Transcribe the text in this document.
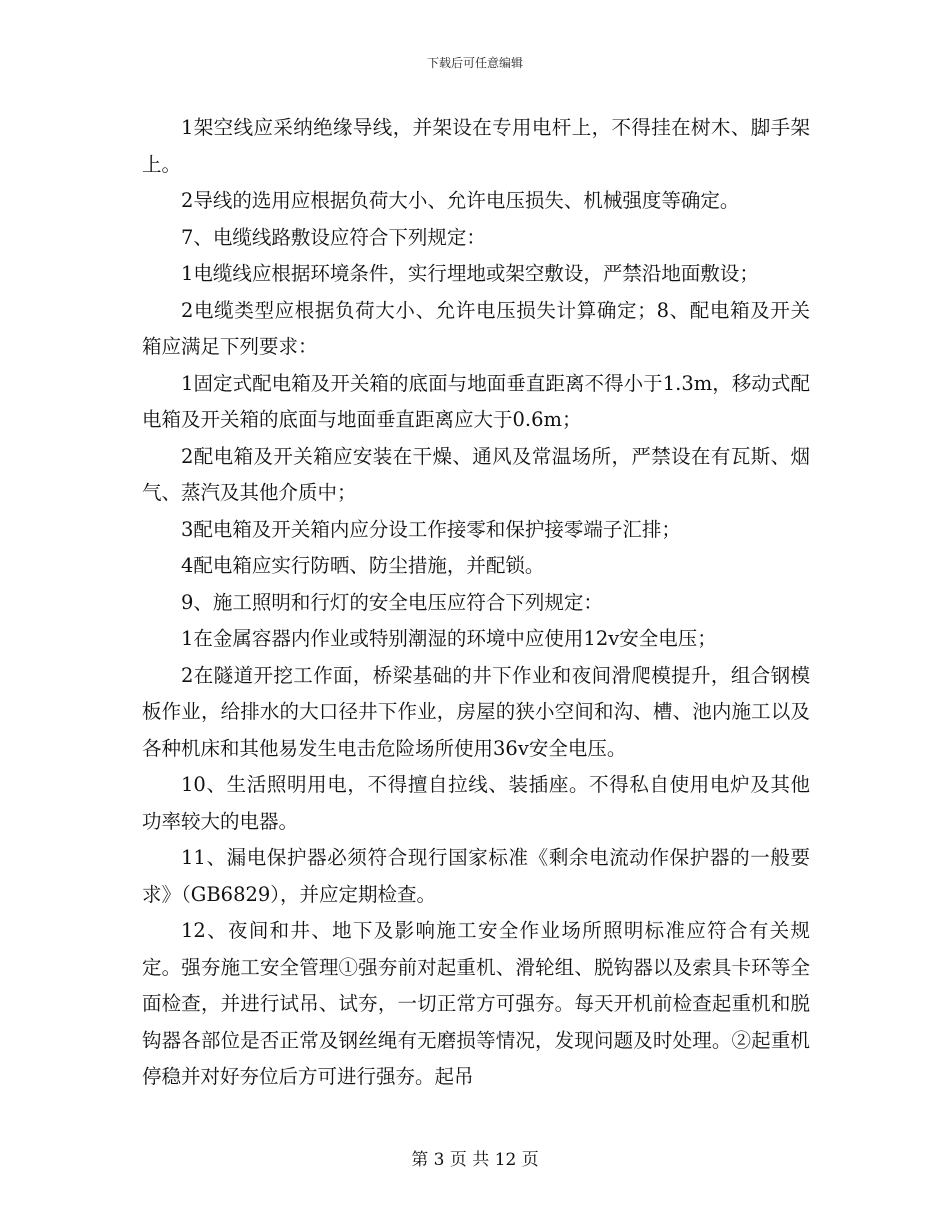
下载后可任意编辑

1架空线应采纳绝缘导线，并架设在专用电杆上，不得挂在树木、脚手架上。

2导线的选用应根据负荷大小、允许电压损失、机械强度等确定。

7、电缆线路敷设应符合下列规定：

1电缆线应根据环境条件，实行埋地或架空敷设，严禁沿地面敷设；

2电缆类型应根据负荷大小、允许电压损失计算确定；8、配电箱及开关箱应满足下列要求：

1固定式配电箱及开关箱的底面与地面垂直距离不得小于1.3m，移动式配电箱及开关箱的底面与地面垂直距离应大于0.6m；

2配电箱及开关箱应安装在干燥、通风及常温场所，严禁设在有瓦斯、烟气、蒸汽及其他介质中；

3配电箱及开关箱内应分设工作接零和保护接零端子汇排；

4配电箱应实行防晒、防尘措施，并配锁。

9、施工照明和行灯的安全电压应符合下列规定：

1在金属容器内作业或特别潮湿的环境中应使用12v安全电压；

2在隧道开挖工作面，桥梁基础的井下作业和夜间滑爬模提升，组合钢模板作业，给排水的大口径井下作业，房屋的狭小空间和沟、槽、池内施工以及各种机床和其他易发生电击危险场所使用36v安全电压。

10、生活照明用电，不得擅自拉线、装插座。不得私自使用电炉及其他功率较大的电器。

11、漏电保护器必须符合现行国家标准《剩余电流动作保护器的一般要求》（GB6829），并应定期检查。

12、夜间和井、地下及影响施工安全作业场所照明标准应符合有关规定。强夯施工安全管理①强夯前对起重机、滑轮组、脱钩器以及索具卡环等全面检查，并进行试吊、试夯，一切正常方可强夯。每天开机前检查起重机和脱钩器各部位是否正常及钢丝绳有无磨损等情况，发现问题及时处理。②起重机停稳并对好夯位后方可进行强夯。起吊

第 3 页 共 12 页
